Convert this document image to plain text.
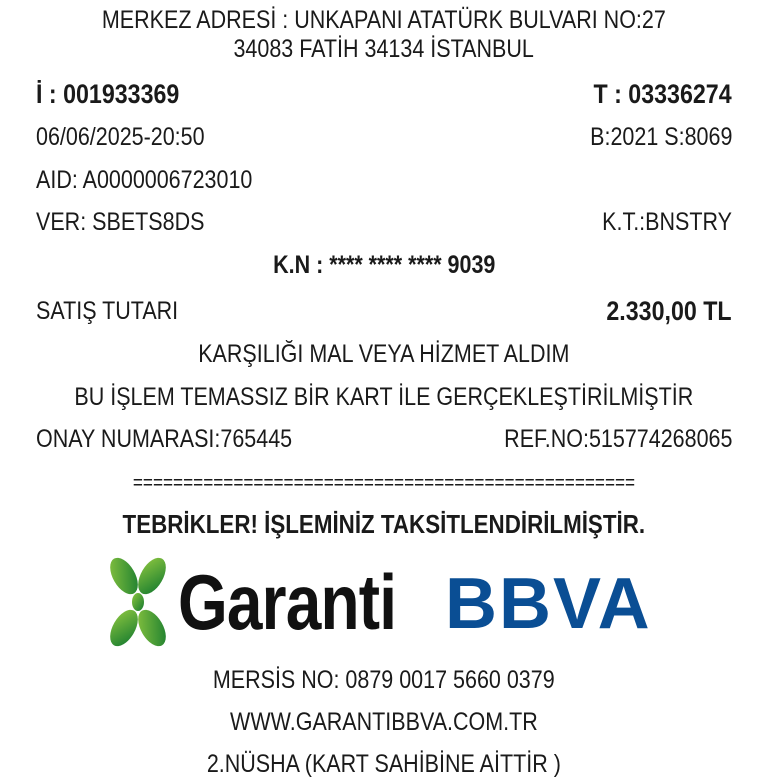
MERKEZ ADRESİ : UNKAPANI ATATÜRK BULVARI NO:27
34083 FATİH 34134 İSTANBUL
İ : 001933369	T : 03336274
06/06/2025-20:50	B:2021 S:8069
AID: A0000006723010
VER: SBETS8DS	K.T.:BNSTRY
K.N : **** **** **** 9039
SATIŞ TUTARI	2.330,00 TL
KARŞILIĞI MAL VEYA HİZMET ALDIM
BU İŞLEM TEMASSIZ BİR KART İLE GERÇEKLEŞTİRİLMİŞTİR
ONAY NUMARASI:765445	REF.NO:515774268065
==================================================
TEBRİKLER! İŞLEMİNİZ TAKSİTLENDİRİLMİŞTİR.
Garanti BBVA
MERSİS NO: 0879 0017 5660 0379
WWW.GARANTIBBVA.COM.TR
2.NÜSHA (KART SAHİBİNE AİTTİR )
